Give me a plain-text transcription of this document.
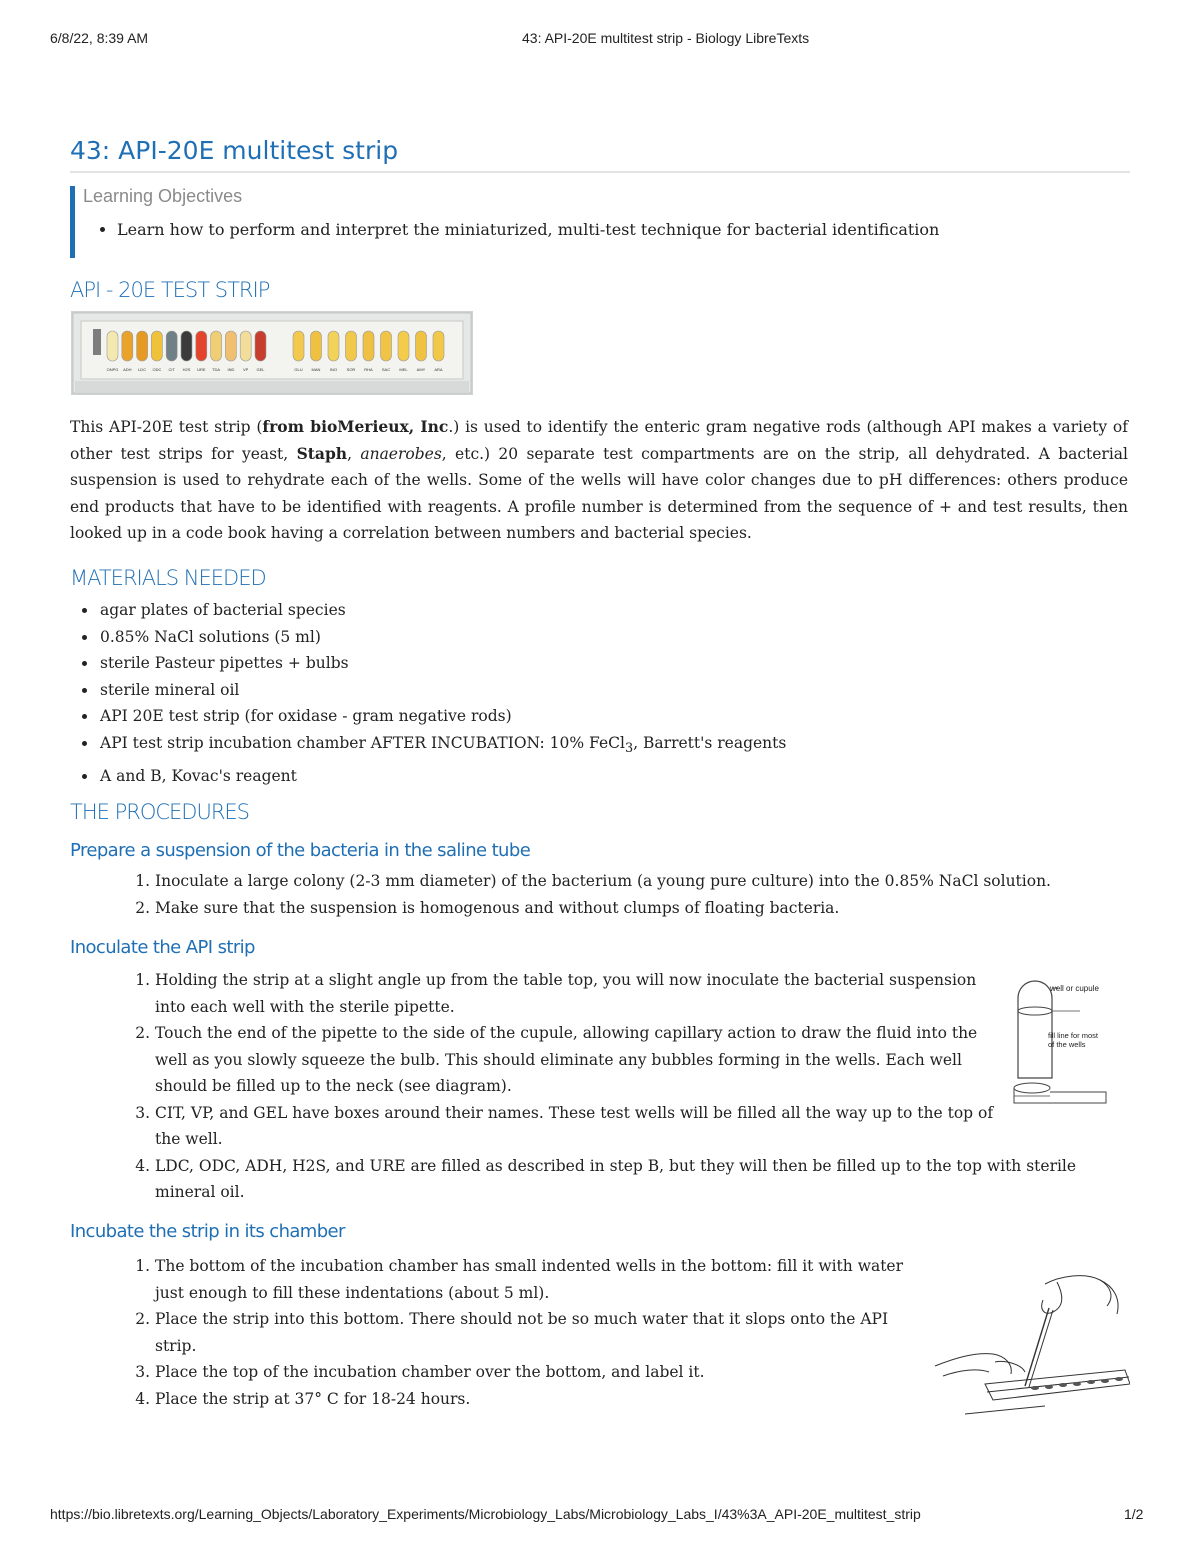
6/8/22, 8:39 AM	43: API-20E multitest strip - Biology LibreTexts
43: API-20E multitest strip
Learning Objectives
• Learn how to perform and interpret the miniaturized, multi-test technique for bacterial identification
API - 20E TEST STRIP
ONPG ADH LDC ODC CIT H2S URE TDA IND VP GEL	GLU MAN INO SOR RHA SAC MEL AMY ARA

This API-20E test strip (from bioMerieux, Inc.) is used to identify the enteric gram negative rods (although API makes a variety of other test strips for yeast, Staph, anaerobes, etc.) 20 separate test compartments are on the strip, all dehydrated. A bacterial suspension is used to rehydrate each of the wells. Some of the wells will have color changes due to pH differences: others produce end products that have to be identified with reagents. A profile number is determined from the sequence of + and test results, then looked up in a code book having a correlation between numbers and bacterial species.

MATERIALS NEEDED
• agar plates of bacterial species
• 0.85% NaCl solutions (5 ml)
• sterile Pasteur pipettes + bulbs
• sterile mineral oil
• API 20E test strip (for oxidase - gram negative rods)
• API test strip incubation chamber AFTER INCUBATION: 10% FeCl$_3$, Barrett's reagents
• A and B, Kovac's reagent
THE PROCEDURES
Prepare a suspension of the bacteria in the saline tube
1. Inoculate a large colony (2-3 mm diameter) of the bacterium (a young pure culture) into the 0.85% NaCl solution.
2. Make sure that the suspension is homogenous and without clumps of floating bacteria.
Inoculate the API strip
1. Holding the strip at a slight angle up from the table top, you will now inoculate the bacterial suspension into each well with the sterile pipette.
2. Touch the end of the pipette to the side of the cupule, allowing capillary action to draw the fluid into the well as you slowly squeeze the bulb. This should eliminate any bubbles forming in the wells. Each well should be filled up to the neck (see diagram).
3. CIT, VP, and GEL have boxes around their names. These test wells will be filled all the way up to the top of the well.
4. LDC, ODC, ADH, H2S, and URE are filled as described in step B, but they will then be filled up to the top with sterile mineral oil.
well or cupule
fill line for most
of the wells
Incubate the strip in its chamber
1. The bottom of the incubation chamber has small indented wells in the bottom: fill it with water just enough to fill these indentations (about 5 ml).
2. Place the strip into this bottom. There should not be so much water that it slops onto the API strip.
3. Place the top of the incubation chamber over the bottom, and label it.
4. Place the strip at 37° C for 18-24 hours.
https://bio.libretexts.org/Learning_Objects/Laboratory_Experiments/Microbiology_Labs/Microbiology_Labs_I/43%3A_API-20E_multitest_strip	1/2
